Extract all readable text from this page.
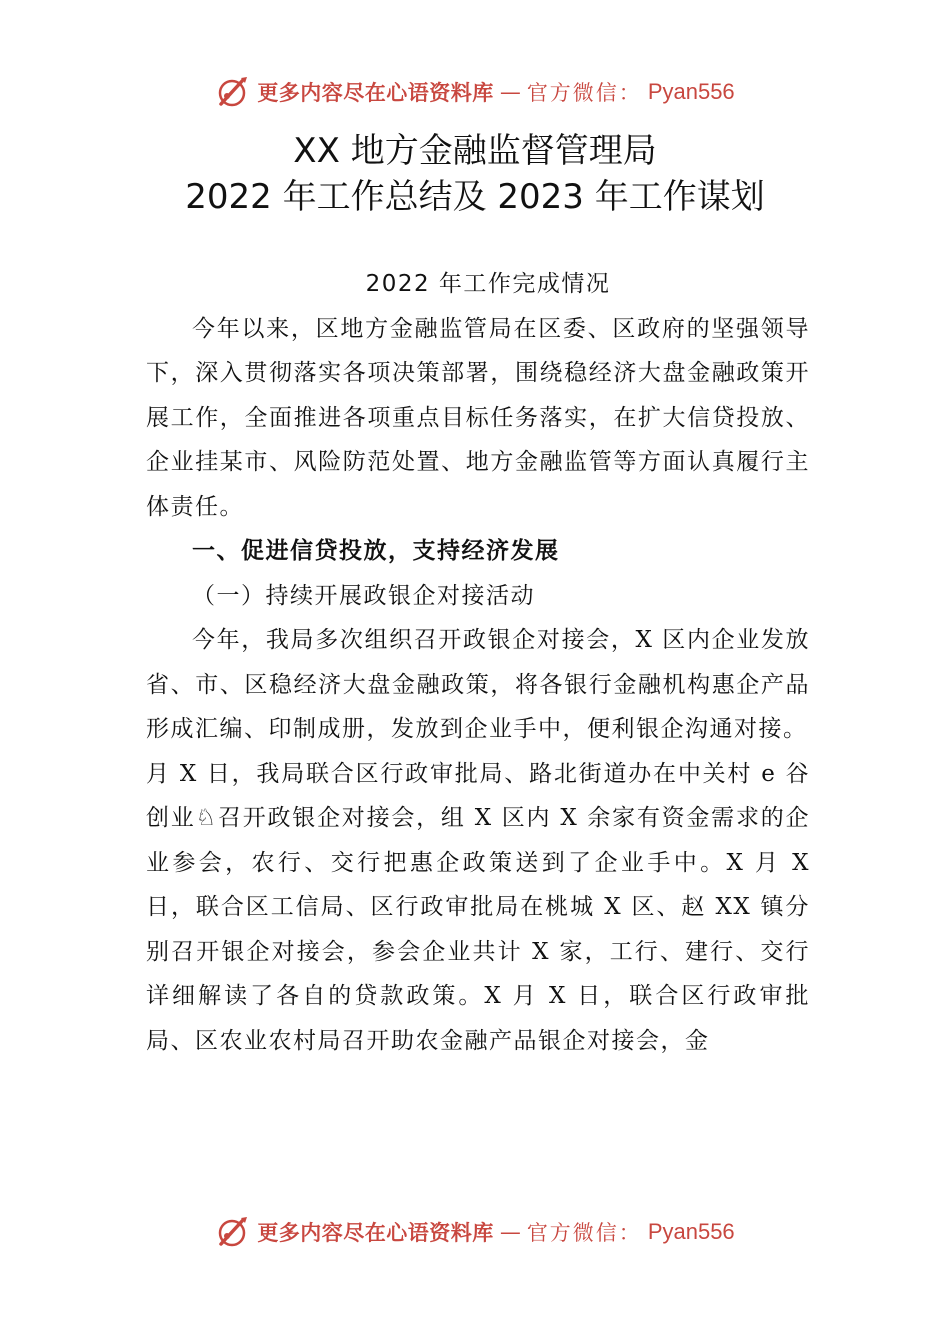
更多内容尽在心语资料库 — 官方微信： Pyan556
XX 地方金融监督管理局
2022 年工作总结及 2023 年工作谋划
2022 年工作完成情况

今年以来，区地方金融监管局在区委、区政府的坚强领导下，深入贯彻落实各项决策部署，围绕稳经济大盘金融政策开展工作，全面推进各项重点目标任务落实，在扩大信贷投放、企业挂某市、风险防范处置、地方金融监管等方面认真履行主体责任。

一、促进信贷投放，支持经济发展

（一）持续开展政银企对接活动

今年，我局多次组织召开政银企对接会，X 区内企业发放省、市、区稳经济大盘金融政策，将各银行金融机构惠企产品形成汇编、印制成册，发放到企业手中，便利银企沟通对接。

月 X 日，我局联合区行政审批局、路北街道办在中关村 e 谷创业♘召开政银企对接会，组 X 区内 X 余家有资金需求的企业参会，农行、交行把惠企政策送到了企业手中。X 月 X 日，联合区工信局、区行政审批局在桃城 X 区、赵 XX 镇分别召开银企对接会，参会企业共计 X 家，工行、建行、交行详细解读了各自的贷款政策。X 月 X 日，联合区行政审批局、区农业农村局召开助农金融产品银企对接会，金

更多内容尽在心语资料库 — 官方微信： Pyan556
